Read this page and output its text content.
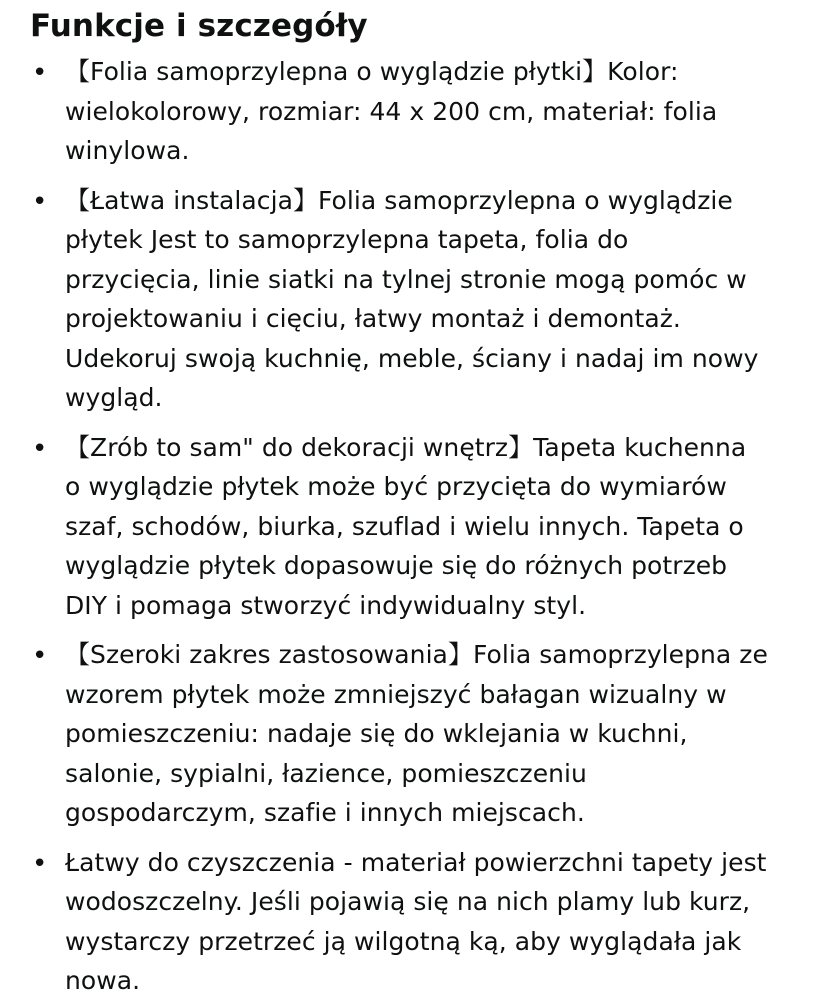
Funkcje i szczegóły
• 【Folia samoprzylepna o wyglądzie płytki】Kolor:
wielokolorowy, rozmiar: 44 x 200 cm, materiał: folia
winylowa.
• 【Łatwa instalacja】Folia samoprzylepna o wyglądzie
płytek Jest to samoprzylepna tapeta, folia do
przycięcia, linie siatki na tylnej stronie mogą pomóc w
projektowaniu i cięciu, łatwy montaż i demontaż.
Udekoruj swoją kuchnię, meble, ściany i nadaj im nowy
wygląd.
• 【Zrób to sam" do dekoracji wnętrz】Tapeta kuchenna
o wyglądzie płytek może być przycięta do wymiarów
szaf, schodów, biurka, szuflad i wielu innych. Tapeta o
wyglądzie płytek dopasowuje się do różnych potrzeb
DIY i pomaga stworzyć indywidualny styl.
• 【Szeroki zakres zastosowania】Folia samoprzylepna ze
wzorem płytek może zmniejszyć bałagan wizualny w
pomieszczeniu: nadaje się do wklejania w kuchni,
salonie, sypialni, łazience, pomieszczeniu
gospodarczym, szafie i innych miejscach.
• Łatwy do czyszczenia - materiał powierzchni tapety jest
wodoszczelny. Jeśli pojawią się na nich plamy lub kurz,
wystarczy przetrzeć ją wilgotną ką, aby wyglądała jak
nowa.
